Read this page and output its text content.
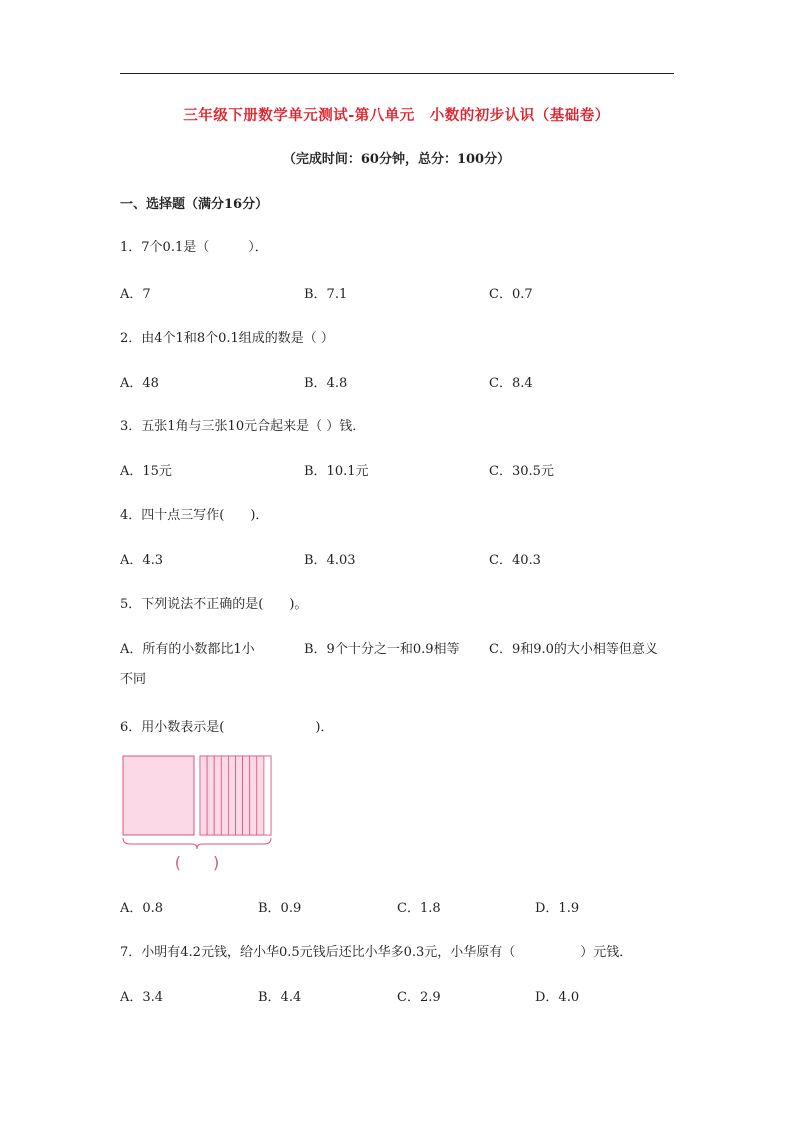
三年级下册数学单元测试-第八单元　小数的初步认识（基础卷）
（完成时间：60分钟，总分：100分）
一、选择题（满分16分）
1．7个0.1是（　　　）．
A．7	B．7.1	C．0.7
2．由4个1和8个0.1组成的数是（ ）
A．48	B．4.8	C．8.4
3．五张1角与三张10元合起来是（ ）钱．
A．15元	B．10.1元	C．30.5元
4．四十点三写作(　　)．
A．4.3	B．4.03	C．40.3
5．下列说法不正确的是(　　)。
A．所有的小数都比1小	B．9个十分之一和0.9相等 C．9和9.0的大小相等但意义
不同
6．用小数表示是(　　　　　　　)．
(　　)
A．0.8	B．0.9	C．1.8	D．1.9
7．小明有4.2元钱，给小华0.5元钱后还比小华多0.3元，小华原有（　　　　　）元钱．
A．3.4	B．4.4	C．2.9	D．4.0
